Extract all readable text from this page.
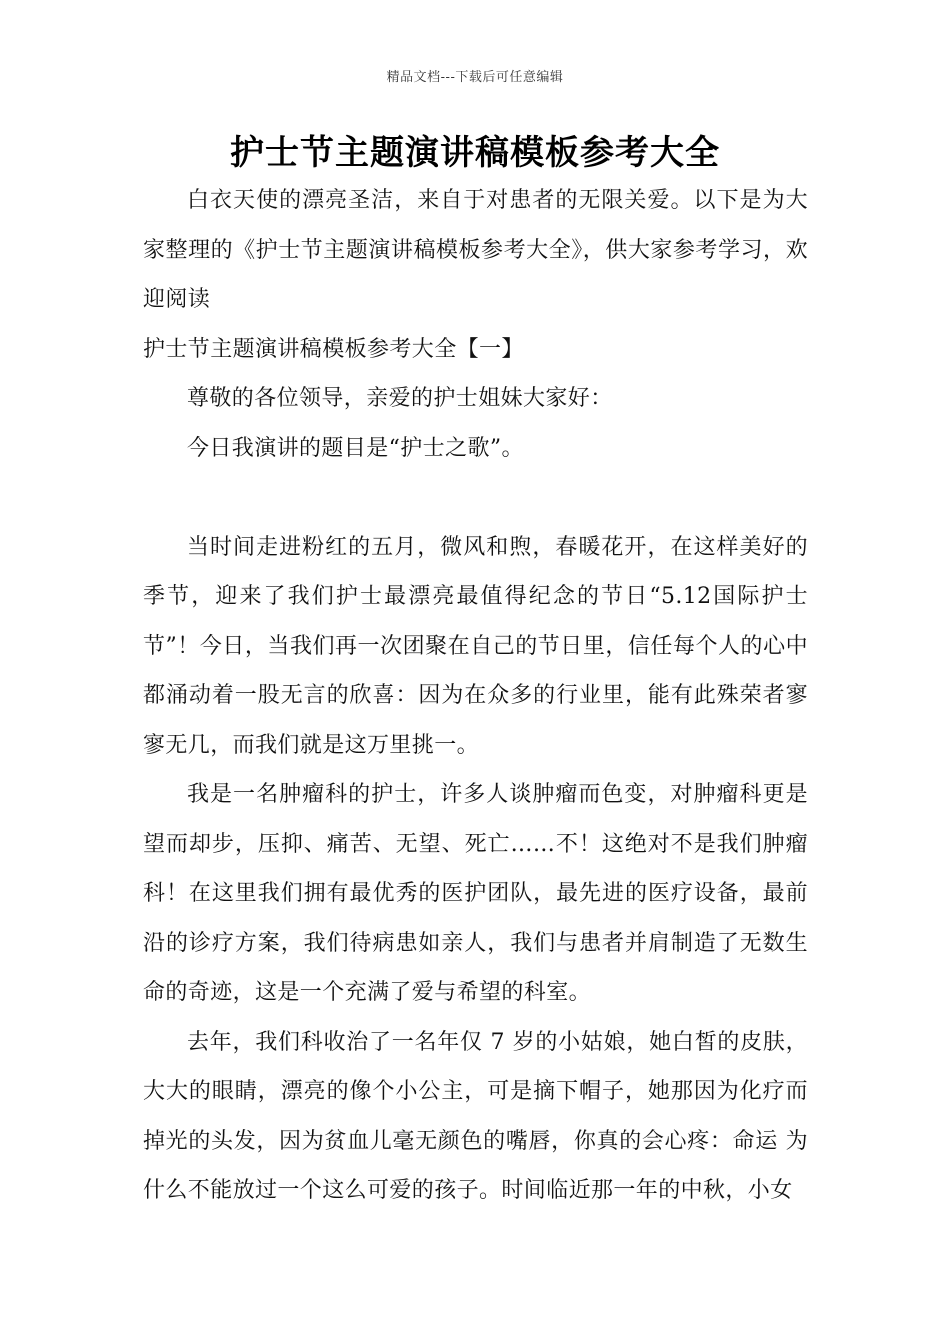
精品文档---下载后可任意编辑
护士节主题演讲稿模板参考大全

白衣天使的漂亮圣洁，来自于对患者的无限关爱。以下是为大家整理的《护士节主题演讲稿模板参考大全》，供大家参考学习，欢迎阅读

护士节主题演讲稿模板参考大全【一】

尊敬的各位领导，亲爱的护士姐妹大家好：

今日我演讲的题目是“护士之歌”。

当时间走进粉红的五月，微风和煦，春暖花开，在这样美好的季节，迎来了我们护士最漂亮最值得纪念的节日“5.12国际护士节”！今日，当我们再一次团聚在自己的节日里，信任每个人的心中都涌动着一股无言的欣喜：因为在众多的行业里，能有此殊荣者寥寥无几，而我们就是这万里挑一。

我是一名肿瘤科的护士，许多人谈肿瘤而色变，对肿瘤科更是望而却步，压抑、痛苦、无望、死亡……不！这绝对不是我们肿瘤科！在这里我们拥有最优秀的医护团队，最先进的医疗设备，最前沿的诊疗方案，我们待病患如亲人，我们与患者并肩制造了无数生命的奇迹，这是一个充满了爱与希望的科室。

去年，我们科收治了一名年仅 7 岁的小姑娘，她白皙的皮肤，大大的眼睛，漂亮的像个小公主，可是摘下帽子，她那因为化疗而掉光的头发，因为贫血儿毫无颜色的嘴唇，你真的会心疼：命运 为什么不能放过一个这么可爱的孩子。时间临近那一年的中秋，小女
